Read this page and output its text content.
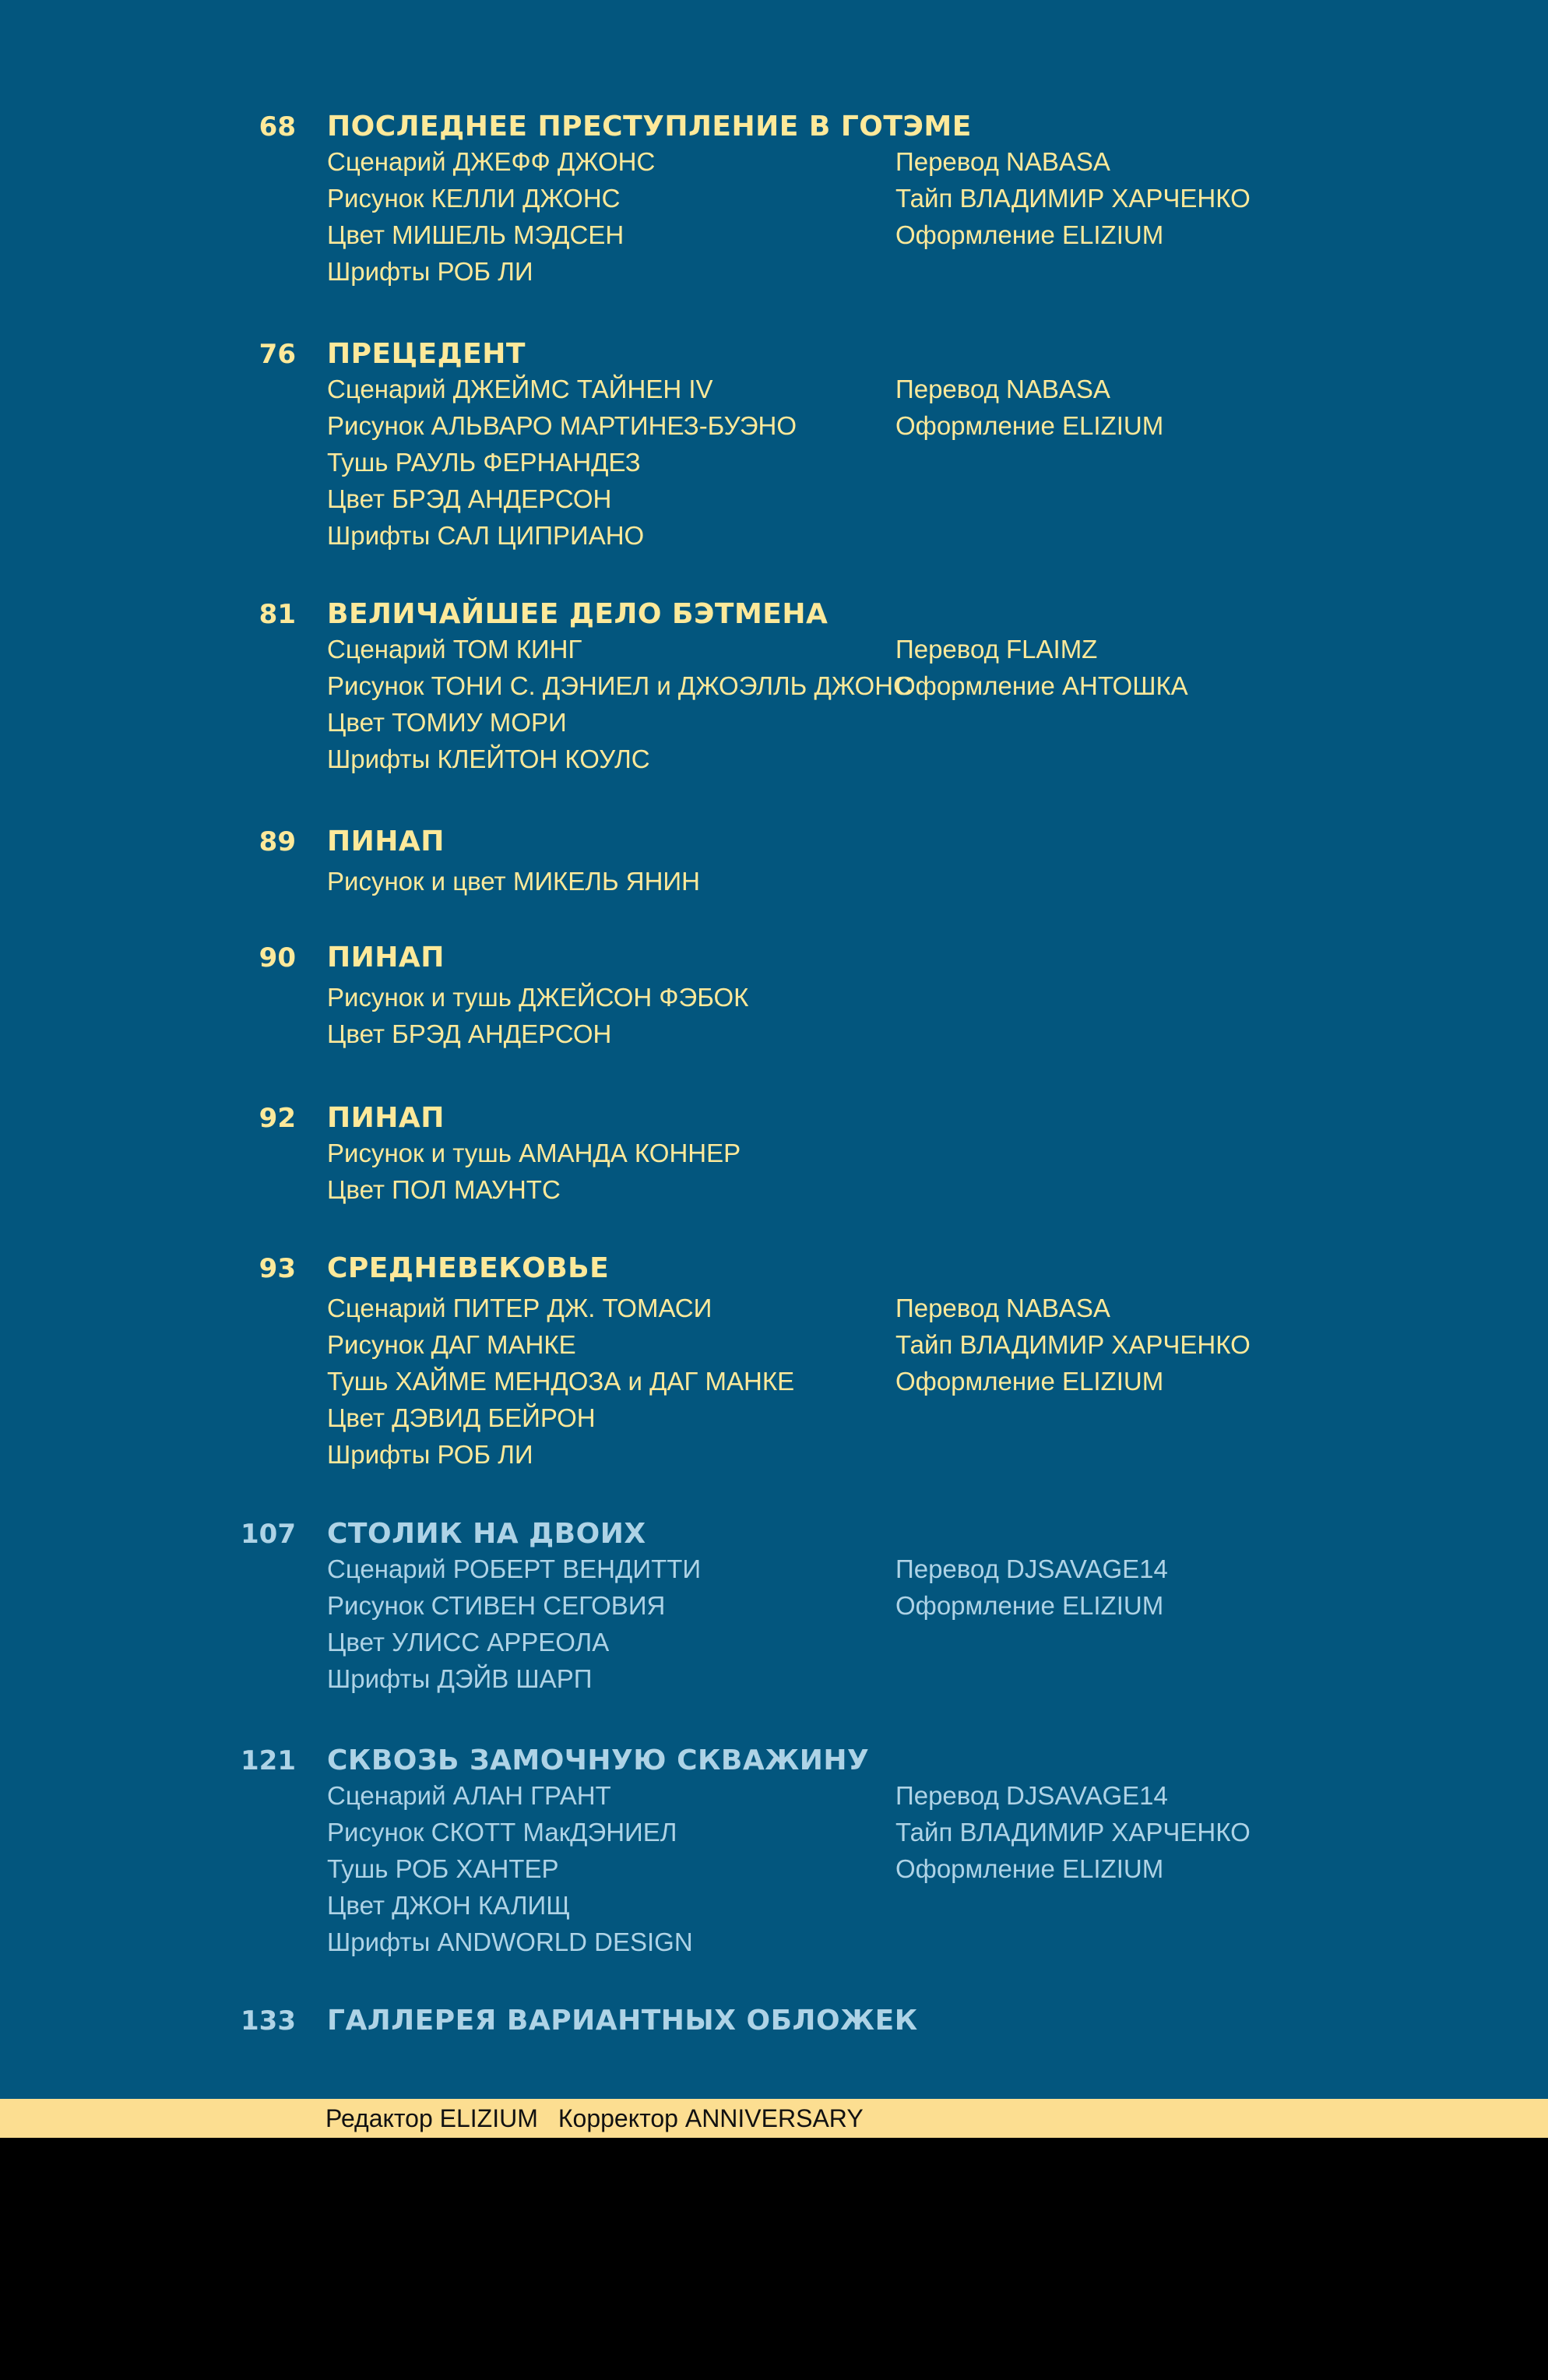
68 ПОСЛЕДНЕЕ ПРЕСТУПЛЕНИЕ В ГОТЭМЕ
Сценарий ДЖЕФФ ДЖОНС
Рисунок КЕЛЛИ ДЖОНС
Цвет МИШЕЛЬ МЭДСЕН
Шрифты РОБ ЛИ
Перевод NABASA
Тайп ВЛАДИМИР ХАРЧЕНКО
Оформление ELIZIUM
76 ПРЕЦЕДЕНТ
Сценарий ДЖЕЙМС ТАЙНЕН IV
Рисунок АЛЬВАРО МАРТИНЕЗ-БУЭНО
Тушь РАУЛЬ ФЕРНАНДЕЗ
Цвет БРЭД АНДЕРСОН
Шрифты САЛ ЦИПРИАНО
Перевод NABASA
Оформление ELIZIUM
81 ВЕЛИЧАЙШЕЕ ДЕЛО БЭТМЕНА
Сценарий ТОМ КИНГ
Рисунок ТОНИ С. ДЭНИЕЛ и ДЖОЭЛЛЬ ДЖОНС
Цвет ТОМИУ МОРИ
Шрифты КЛЕЙТОН КОУЛС
Перевод FLAIMZ
Оформление АНТОШКА
89 ПИНАП
Рисунок и цвет МИКЕЛЬ ЯНИН
90 ПИНАП
Рисунок и тушь ДЖЕЙСОН ФЭБОК
Цвет БРЭД АНДЕРСОН
92 ПИНАП
Рисунок и тушь АМАНДА КОННЕР
Цвет ПОЛ МАУНТС
93 СРЕДНЕВЕКОВЬЕ
Сценарий ПИТЕР ДЖ. ТОМАСИ
Рисунок ДАГ МАНКЕ
Тушь ХАЙМЕ МЕНДОЗА и ДАГ МАНКЕ
Цвет ДЭВИД БЕЙРОН
Шрифты РОБ ЛИ
Перевод NABASA
Тайп ВЛАДИМИР ХАРЧЕНКО
Оформление ELIZIUM
107 СТОЛИК НА ДВОИХ
Сценарий РОБЕРТ ВЕНДИТТИ
Рисунок СТИВЕН СЕГОВИЯ
Цвет УЛИСС АРРЕОЛА
Шрифты ДЭЙВ ШАРП
Перевод DJSAVAGE14
Оформление ELIZIUM
121 СКВОЗЬ ЗАМОЧНУЮ СКВАЖИНУ
Сценарий АЛАН ГРАНТ
Рисунок СКОТТ МакДЭНИЕЛ
Тушь РОБ ХАНТЕР
Цвет ДЖОН КАЛИЩ
Шрифты ANDWORLD DESIGN
Перевод DJSAVAGE14
Тайп ВЛАДИМИР ХАРЧЕНКО
Оформление ELIZIUM
133 ГАЛЛЕРЕЯ ВАРИАНТНЫХ ОБЛОЖЕК
Редактор ELIZIUM Корректор ANNIVERSARY
